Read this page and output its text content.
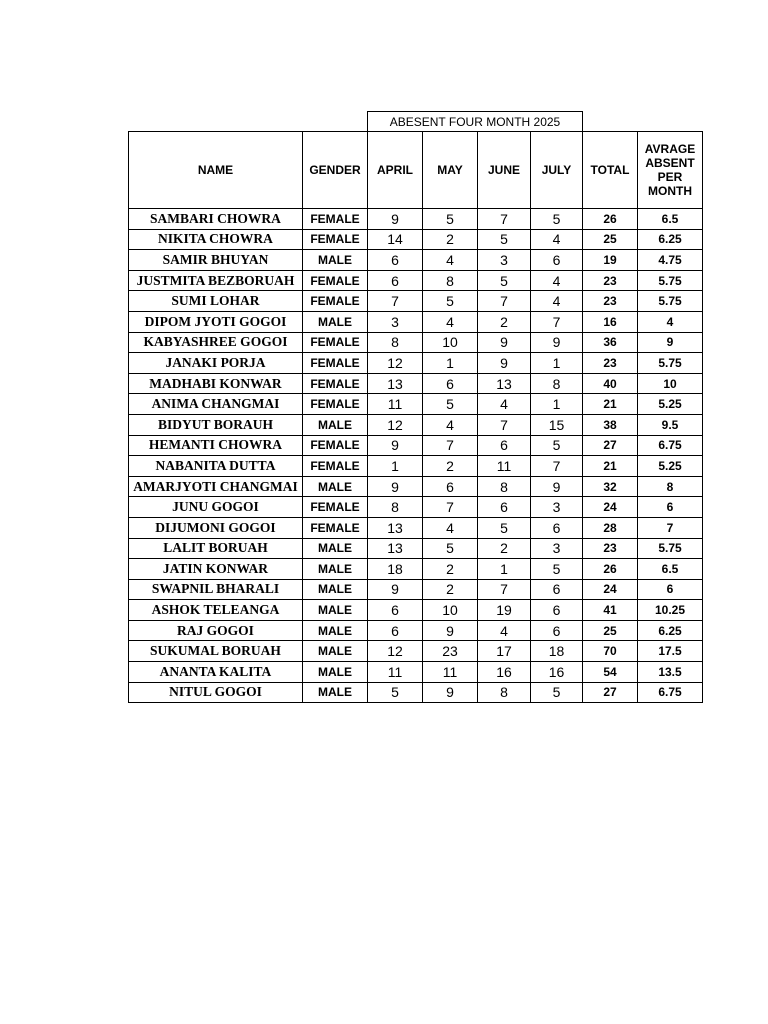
		ABESENT FOUR MONTH 2025					
NAME	GENDER	APRIL	MAY	JUNE	JULY	TOTAL	AVRAGE
ABSENT
PER
MONTH
SAMBARI CHOWRA	FEMALE	9	5	7	5	26	6.5
NIKITA CHOWRA	FEMALE	14	2	5	4	25	6.25
SAMIR BHUYAN	MALE	6	4	3	6	19	4.75
JUSTMITA BEZBORUAH	FEMALE	6	8	5	4	23	5.75
SUMI LOHAR	FEMALE	7	5	7	4	23	5.75
DIPOM JYOTI GOGOI	MALE	3	4	2	7	16	4
KABYASHREE GOGOI	FEMALE	8	10	9	9	36	9
JANAKI PORJA	FEMALE	12	1	9	1	23	5.75
MADHABI KONWAR	FEMALE	13	6	13	8	40	10
ANIMA CHANGMAI	FEMALE	11	5	4	1	21	5.25
BIDYUT BORAUH	MALE	12	4	7	15	38	9.5
HEMANTI CHOWRA	FEMALE	9	7	6	5	27	6.75
NABANITA DUTTA	FEMALE	1	2	11	7	21	5.25
AMARJYOTI CHANGMAI	MALE	9	6	8	9	32	8
JUNU GOGOI	FEMALE	8	7	6	3	24	6
DIJUMONI GOGOI	FEMALE	13	4	5	6	28	7
LALIT BORUAH	MALE	13	5	2	3	23	5.75
JATIN KONWAR	MALE	18	2	1	5	26	6.5
SWAPNIL BHARALI	MALE	9	2	7	6	24	6
ASHOK TELEANGA	MALE	6	10	19	6	41	10.25
RAJ GOGOI	MALE	6	9	4	6	25	6.25
SUKUMAL BORUAH	MALE	12	23	17	18	70	17.5
ANANTA KALITA	MALE	11	11	16	16	54	13.5
NITUL GOGOI	MALE	5	9	8	5	27	6.75
